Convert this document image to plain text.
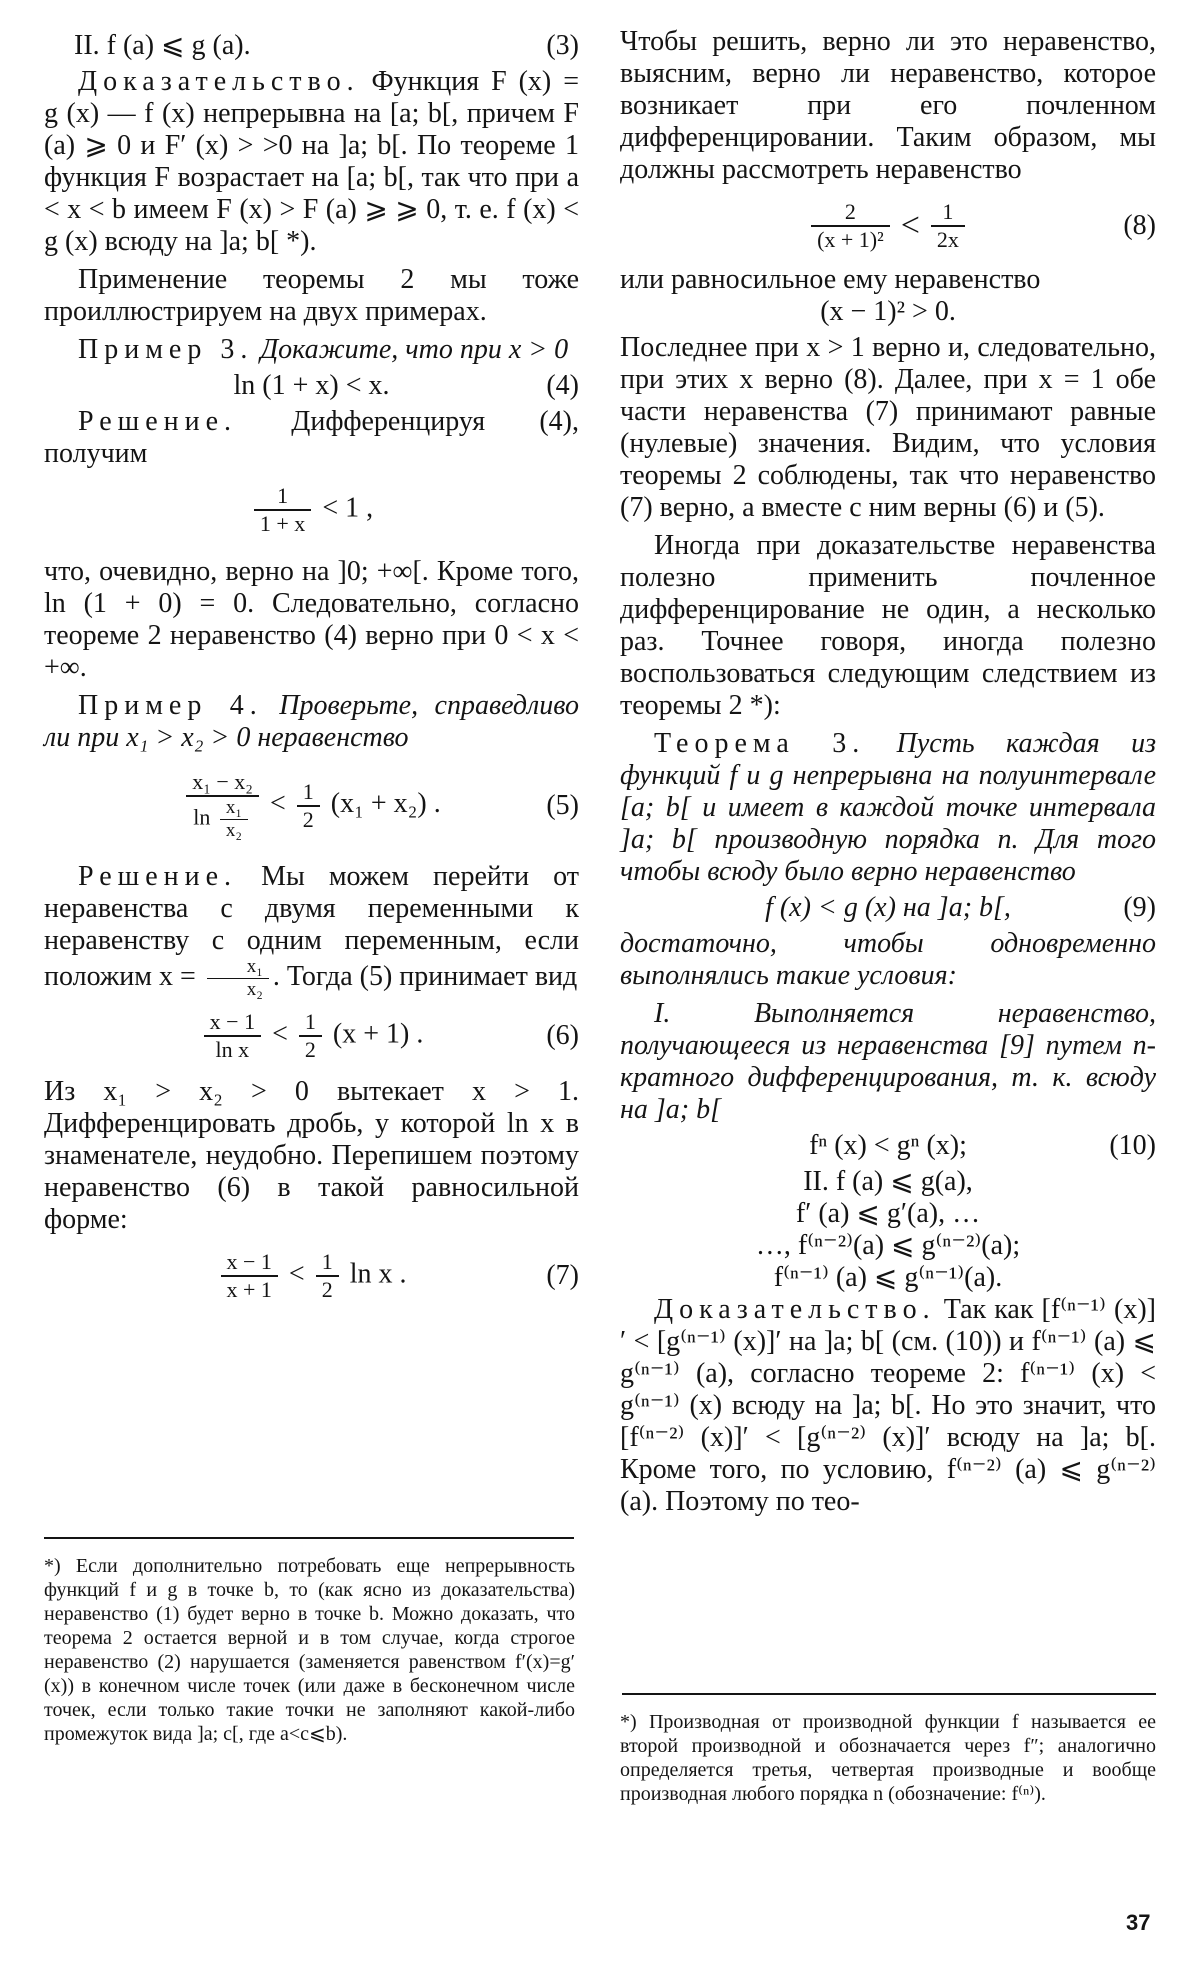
II. f (a) ⩽ g (a).	(3)

Доказательство. Функция F (x) = g (x) — f (x) непрерывна на [a; b[, причем F (a) ⩾ 0 и F′ (x) > >0 на ]a; b[. По теореме 1 функция F возрастает на [a; b[, так что при a < x < b имеем F (x) > F (a) ⩾ ⩾ 0, т. е. f (x) < g (x) всюду на ]a; b[ *).

Применение теоремы 2 мы тоже проиллюстрируем на двух примерах.

Пример 3. Докажите, что при x > 0

ln (1 + x) < x.	(4)

Решение. Дифференцируя (4), получим

$\frac{1}{1 + x} < 1$ ,

что, очевидно, верно на ]0; +∞[. Кроме того, ln (1 + 0) = 0. Следовательно, согласно теореме 2 неравенство (4) верно при 0 < x < +∞.

Пример 4. Проверьте, справедливо ли при x₁ > x₂ > 0 неравенство

$\frac{\text{x₁ − x₂}}{\ln \frac{\text{x₁}}{\text{x₂}}} < \frac{1}{2} (x_1 + x_2)$ .	(5)

Решение. Мы можем перейти от неравенства с двумя переменными к неравенству с одним переменным, если положим $x = \frac{\text{x₁}}{\text{x₂}}$ . Тогда (5) принимает вид

$\frac{x - 1}{\text{ln x}} < \frac{1}{2} (x + 1)$ .	(6)

Из x₁ > x₂ > 0 вытекает x > 1. Дифференцировать дробь, у которой ln x в знаменателе, неудобно. Перепишем поэтому неравенство (6) в такой равносильной форме:

$\frac{x - 1}{x + 1} < \frac{1}{2}$ ln x .	(7)

*) Если дополнительно потребовать еще непрерывность функций f и g в точке b, то (как ясно из доказательства) неравенство (1) будет верно в точке b. Можно доказать, что теорема 2 остается верной и в том случае, когда строгое неравенство (2) нарушается (заменяется равенством f′(x)=g′(x)) в конечном числе точек (или даже в бесконечном числе точек, если только такие точки не заполняют какой-либо промежуток вида ]a; c[, где a<c⩽b).

Чтобы решить, верно ли это неравенство, выясним, верно ли неравенство, которое возникает при его почленном дифференцировании. Таким образом, мы должны рассмотреть неравенство

$\frac{2}{\text{(x + 1)²}} < \frac{1}{2x}$	(8)

или равносильное ему неравенство

(x − 1)² > 0.

Последнее при x > 1 верно и, следовательно, при этих x верно (8). Далее, при x = 1 обе части неравенства (7) принимают равные (нулевые) значения. Видим, что условия теоремы 2 соблюдены, так что неравенство (7) верно, а вместе с ним верны (6) и (5).

Иногда при доказательстве неравенства полезно применить почленное дифференцирование не один, а несколько раз. Точнее говоря, иногда полезно воспользоваться следующим следствием из теоремы 2 *):

Теорема 3. Пусть каждая из функций f и g непрерывна на полуинтервале [a; b[ и имеет в каждой точке интервала ]a; b[ производную порядка n. Для того чтобы всюду было верно неравенство

f (x) < g (x) на ]a; b[,	(9)

достаточно, чтобы одновременно выполнялись такие условия:

I. Выполняется неравенство, получающееся из неравенства [9] путем n-кратного дифференцирования, т. к. всюду на ]a; b[

fⁿ (x) < gⁿ (x);	(10)
II. f (a) ⩽ g(a),
f′ (a) ⩽ g′(a), …
…, f⁽ⁿ⁻²⁾(a) ⩽ g⁽ⁿ⁻²⁾(a);
f⁽ⁿ⁻¹⁾ (a) ⩽ g⁽ⁿ⁻¹⁾(a).

Доказательство. Так как [f⁽ⁿ⁻¹⁾ (x)]′ < [g⁽ⁿ⁻¹⁾ (x)]′ на ]a; b[ (см. (10)) и f⁽ⁿ⁻¹⁾ (a) ⩽ g⁽ⁿ⁻¹⁾ (a), согласно теореме 2: f⁽ⁿ⁻¹⁾ (x) < g⁽ⁿ⁻¹⁾ (x) всюду на ]a; b[. Но это значит, что [f⁽ⁿ⁻²⁾ (x)]′ < [g⁽ⁿ⁻²⁾ (x)]′ всюду на ]a; b[. Кроме того, по условию, f⁽ⁿ⁻²⁾ (a) ⩽ g⁽ⁿ⁻²⁾ (a). Поэтому по тео-

*) Производная от производной функции f называется ее второй производной и обозначается через f″; аналогично определяется третья, четвертая производные и вообще производная любого порядка n (обозначение: f⁽ⁿ⁾).

37
